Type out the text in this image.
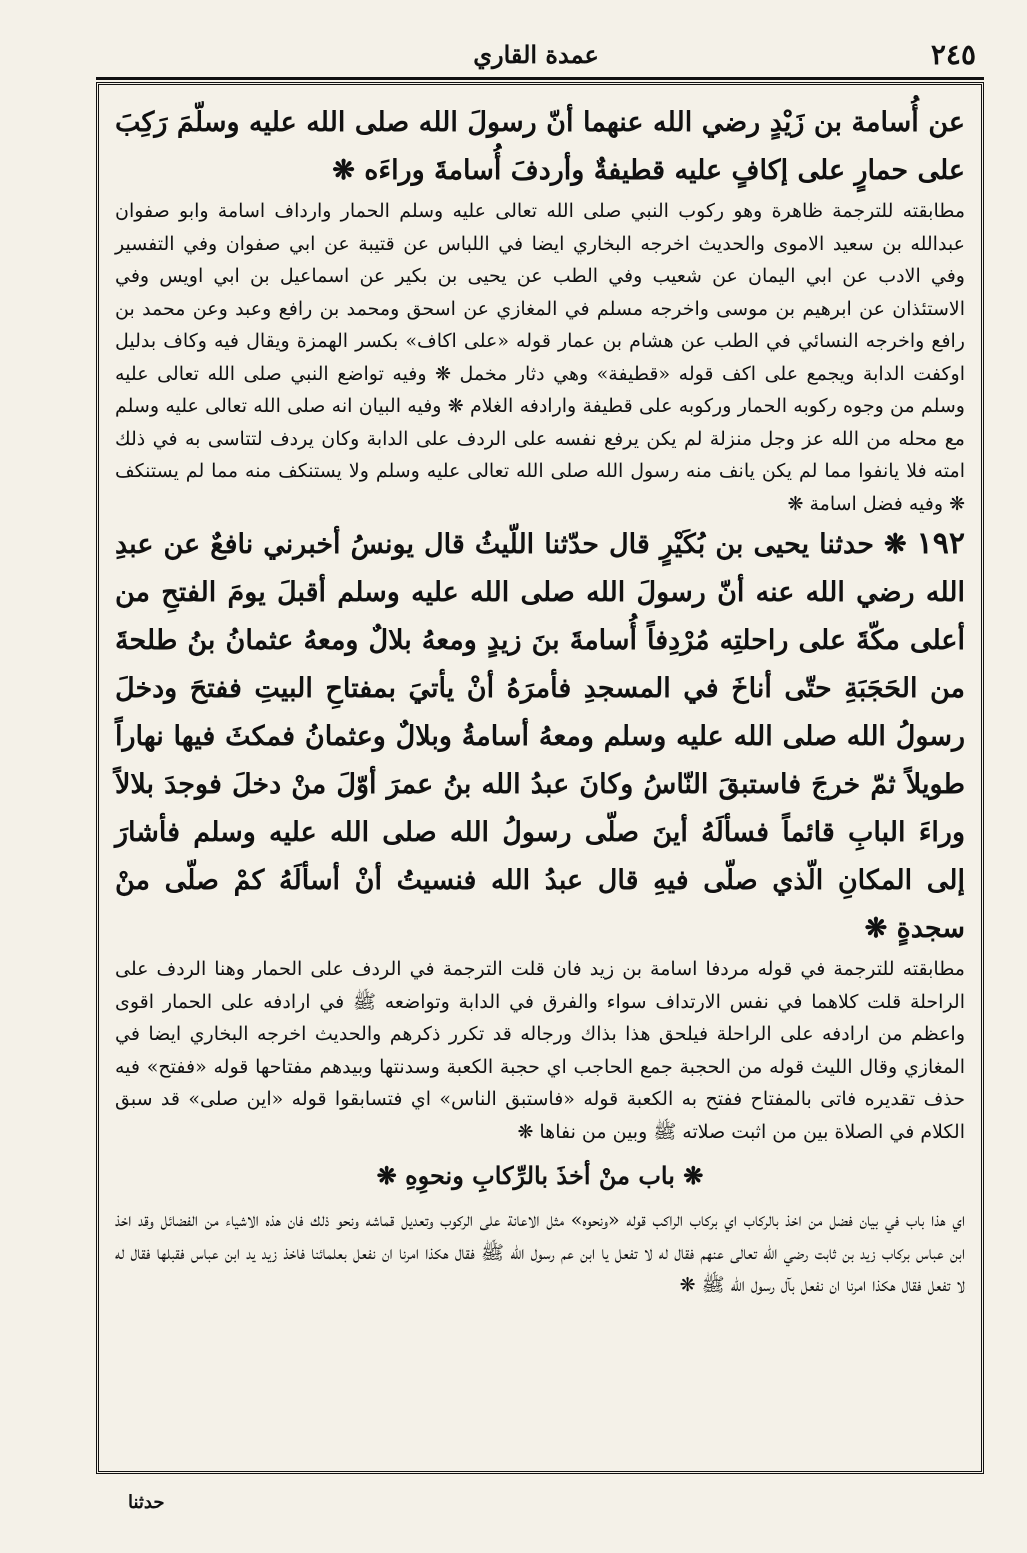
عمدة القاري	٢٤٥

عن أُسامة بن زَيْدٍ رضي الله عنهما أنّ رسولَ الله صلى الله عليه وسلّمَ رَكِبَ على حمارٍ على إكافٍ عليه قطيفةٌ وأردفَ أُسامةَ وراءَه ❋

مطابقته للترجمة ظاهرة وهو ركوب النبي صلى الله تعالى عليه وسلم الحمار وارداف اسامة وابو صفوان عبدالله بن سعيد الاموى والحديث اخرجه البخاري ايضا في اللباس عن قتيبة عن ابي صفوان وفي التفسير وفي الادب عن ابي اليمان عن شعيب وفي الطب عن يحيى بن بكير عن اسماعيل بن ابي اويس وفي الاستئذان عن ابرهيم بن موسى واخرجه مسلم في المغازي عن اسحق ومحمد بن رافع وعبد وعن محمد بن رافع واخرجه النسائي في الطب عن هشام بن عمار قوله «على اكاف» بكسر الهمزة ويقال فيه وكاف بدليل اوكفت الدابة ويجمع على اكف قوله «قطيفة» وهي دثار مخمل ❋ وفيه تواضع النبي صلى الله تعالى عليه وسلم من وجوه ركوبه الحمار وركوبه على قطيفة وارادفه الغلام ❋ وفيه البيان انه صلى الله تعالى عليه وسلم مع محله من الله عز وجل منزلة لم يكن يرفع نفسه على الردف على الدابة وكان يردف لتتاسى به في ذلك امته فلا يانفوا مما لم يكن يانف منه رسول الله صلى الله تعالى عليه وسلم ولا يستنكف منه مما لم يستنكف ❋ وفيه فضل اسامة ❋

١٩٢ ❋ حدثنا يحيى بن بُكَيْرٍ قال حدّثنا اللّيثُ قال يونسُ أخبرني نافعٌ عن عبدِ الله رضي الله عنه أنّ رسولَ الله صلى الله عليه وسلم أقبلَ يومَ الفتحِ من أعلى مكّةَ على راحلتِه مُرْدِفاً أُسامةَ بنَ زيدٍ ومعهُ بلالٌ ومعهُ عثمانُ بنُ طلحةَ من الحَجَبَةِ حتّى أناخَ في المسجدِ فأمرَهُ أنْ يأتيَ بمفتاحِ البيتِ ففتحَ ودخلَ رسولُ الله صلى الله عليه وسلم ومعهُ أسامةُ وبلالٌ وعثمانُ فمكثَ فيها نهاراً طويلاً ثمّ خرجَ فاستبقَ النّاسُ وكانَ عبدُ الله بنُ عمرَ أوّلَ منْ دخلَ فوجدَ بلالاً وراءَ البابِ قائماً فسألَهُ أينَ صلّى رسولُ الله صلى الله عليه وسلم فأشارَ إلى المكانِ الّذي صلّى فيهِ قال عبدُ الله فنسيتُ أنْ أسألَهُ كمْ صلّى منْ سجدةٍ ❋

مطابقته للترجمة في قوله مردفا اسامة بن زيد فان قلت الترجمة في الردف على الحمار وهنا الردف على الراحلة قلت كلاهما في نفس الارتداف سواء والفرق في الدابة وتواضعه ﷺ في ارادفه على الحمار اقوى واعظم من ارادفه على الراحلة فيلحق هذا بذاك ورجاله قد تكرر ذكرهم والحديث اخرجه البخاري ايضا في المغازي وقال الليث قوله من الحجبة جمع الحاجب اي حجبة الكعبة وسدنتها وبيدهم مفتاحها قوله «ففتح» فيه حذف تقديره فاتى بالمفتاح ففتح به الكعبة قوله «فاستبق الناس» اي فتسابقوا قوله «اين صلى» قد سبق الكلام في الصلاة بين من اثبت صلاته ﷺ وبين من نفاها ❋

❋ باب منْ أخذَ بالرِّكابِ ونحوِهِ ❋

اي هذا باب في بيان فضل من اخذ بالركاب اي بركاب الراكب قوله «ونحوه» مثل الاعانة على الركوب وتعديل قماشه ونحو ذلك فان هذه الاشياء من الفضائل وقد اخذ ابن عباس بركاب زيد بن ثابت رضي الله تعالى عنهم فقال له لا تفعل يا ابن عم رسول الله ﷺ فقال هكذا امرنا ان نفعل بعلمائنا فاخذ زيد يد ابن عباس فقبلها فقال له لا تفعل فقال هكذا امرنا ان نفعل بآل رسول الله ﷺ ❋

حدثنا
